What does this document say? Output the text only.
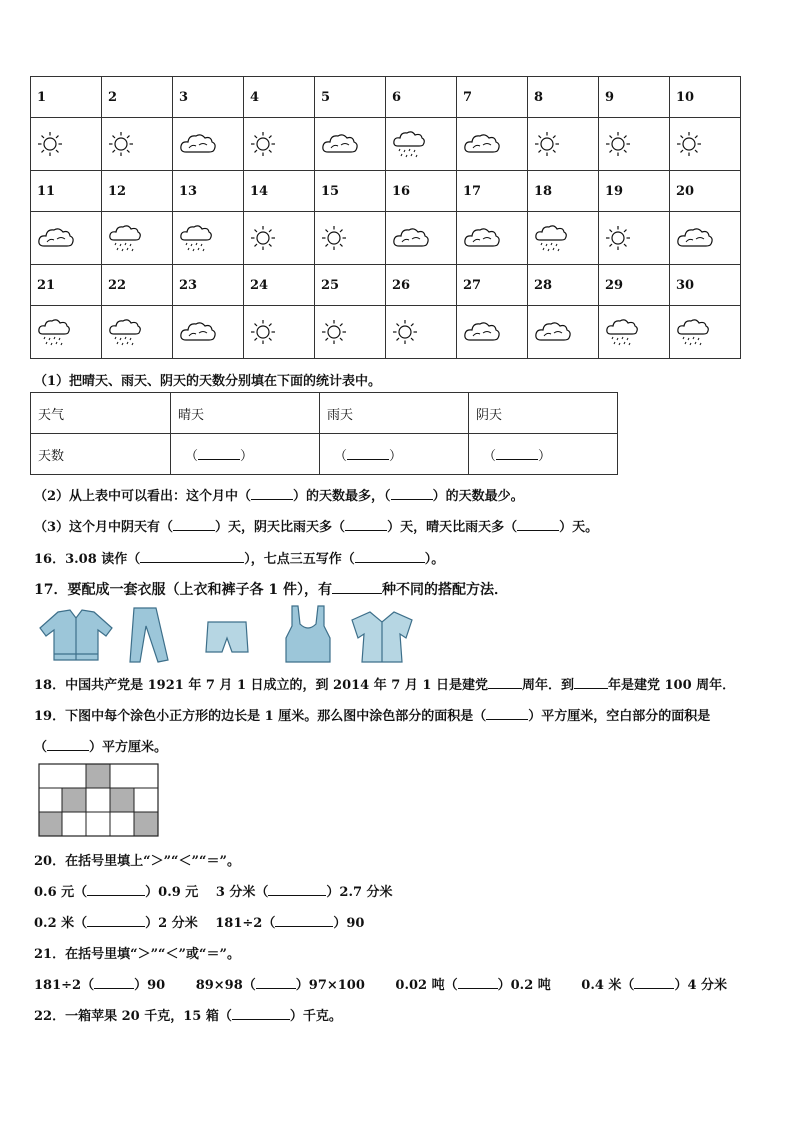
1	2	3	4	5	6	7	8	9	10

11	12	13	14	15	16	17	18	19	20

21	22	23	24	25	26	27	28	29	30

（1）把晴天、雨天、阴天的天数分别填在下面的统计表中。
天气	晴天	雨天	阴天
天数	（ ）	（ ）	（ ）
（2）从上表中可以看出：这个月中（	）的天数最多，（	）的天数最少。
（3）这个月中阴天有（	）天，阴天比雨天多（	）天，晴天比雨天多（	）天。
16．3.08 读作（	），七点三五写作（	）。
17．要配成一套衣服（上衣和裤子各 1 件），有	种不同的搭配方法．
18．中国共产党是 1921 年 7 月 1 日成立的，到 2014 年 7 月 1 日是建党	周年．到	年是建党 100 周年．
19．下图中每个涂色小正方形的边长是 1 厘米。那么图中涂色部分的面积是（	）平方厘米，空白部分的面积是
（	）平方厘米。
20．在括号里填上“＞”“＜”“＝”。
0.6 元（	）0.9 元　 3 分米（	）2.7 分米
0.2 米（	）2 分米　 181÷2（	）90
21．在括号里填“＞”“＜”或“＝”。
181÷2（	）90　　 89×98（	）97×100　　 0.02 吨（	）0.2 吨　　 0.4 米（	）4 分米
22．一箱苹果 20 千克，15 箱（	）千克。
